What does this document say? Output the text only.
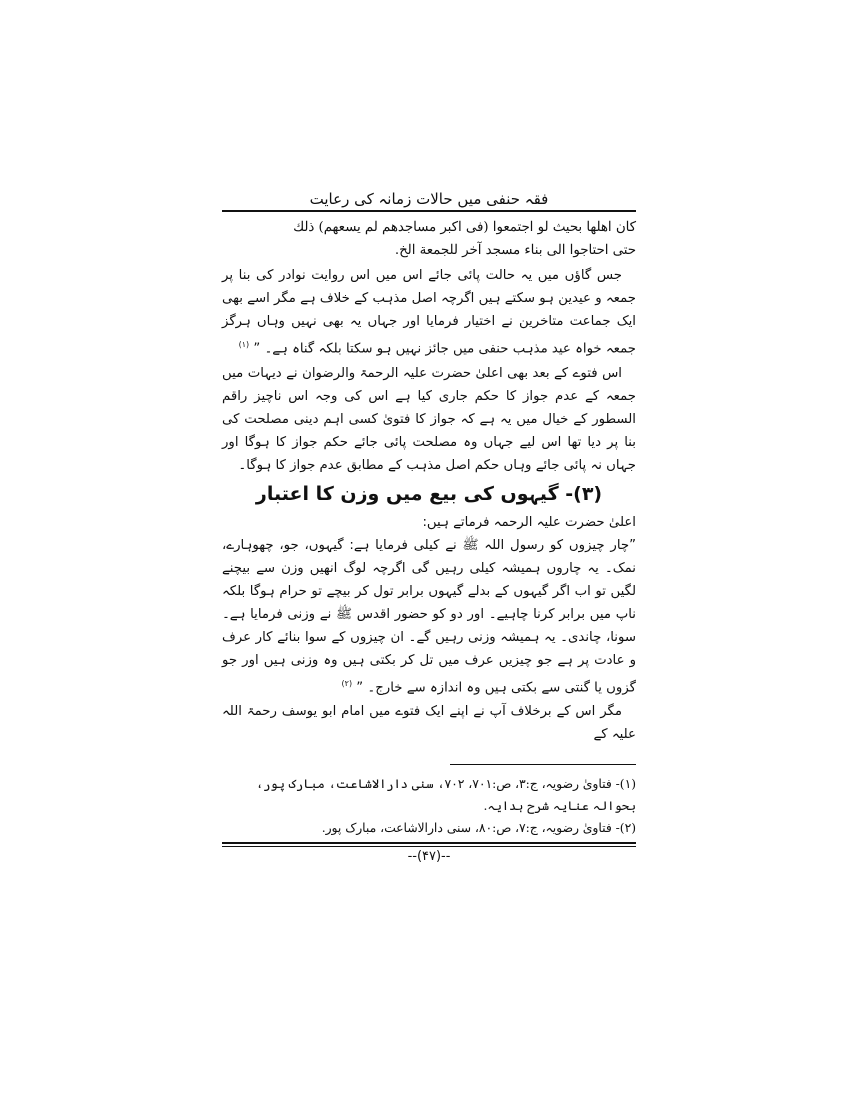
فقہ حنفی میں حالات زمانہ کی رعایت

كان اهلها بحيث لو اجتمعوا (فى اكبر مساجدهم لم يسعهم) ذلك

حتى احتاجوا الى بناء مسجد آخر للجمعة الخ.

جس گاؤں میں یہ حالت پائی جائے اس میں اس روایت نوادر کی بنا پر جمعہ و عیدین ہو سکتے ہیں اگرچہ اصل مذہب کے خلاف ہے مگر اسے بھی ایک جماعت متاخرین نے اختیار فرمایا اور جہاں یہ بھی نہیں وہاں ہرگز جمعہ خواہ عید مذہب حنفی میں جائز نہیں ہو سکتا بلکہ گناہ ہے۔ ” $^{(۱)}$

اس فتوے کے بعد بھی اعلیٰ حضرت علیہ الرحمۃ والرضوان نے دیہات میں جمعہ کے عدم جواز کا حکم جاری کیا ہے اس کی وجہ اس ناچیز راقم السطور کے خیال میں یہ ہے کہ جواز کا فتویٰ کسی اہم دینی مصلحت کی بنا پر دیا تھا اس لیے جہاں وہ مصلحت پائی جائے حکم جواز کا ہوگا اور جہاں نہ پائی جائے وہاں حکم اصل مذہب کے مطابق عدم جواز کا ہوگا۔

(۳)- گیہوں کی بیع میں وزن کا اعتبار

اعلیٰ حضرت علیہ الرحمہ فرماتے ہیں:

”چار چیزوں کو رسول اللہ ﷺ نے کیلی فرمایا ہے: گیہوں، جو، چھوہارے، نمک۔ یہ چاروں ہمیشہ کیلی رہیں گی اگرچہ لوگ انھیں وزن سے بیچنے لگیں تو اب اگر گیہوں کے بدلے گیہوں برابر تول کر بیچے تو حرام ہوگا بلکہ ناپ میں برابر کرنا چاہیے۔ اور دو کو حضور اقدس ﷺ نے وزنی فرمایا ہے۔ سونا، چاندی۔ یہ ہمیشہ وزنی رہیں گے۔ ان چیزوں کے سوا بنائے کار عرف و عادت پر ہے جو چیزیں عرف میں تل کر بکتی ہیں وہ وزنی ہیں اور جو گزوں یا گنتی سے بکتی ہیں وہ اندازہ سے خارج۔ ” $^{(۲)}$

مگر اس کے برخلاف آپ نے اپنے ایک فتوے میں امام ابو یوسف رحمۃ اللہ علیہ کے

(۱)- فتاویٰ رضویہ، ج:۳، ص:۷۰۱، ۷۰۲، سنی دارالاشاعت، مبارک پور، بحوالہ عنایہ شرح ہدایہ.

(۲)- فتاویٰ رضویہ، ج:۷، ص:۸۰، سنی دارالاشاعت، مبارک پور.

--(۴۷)--
